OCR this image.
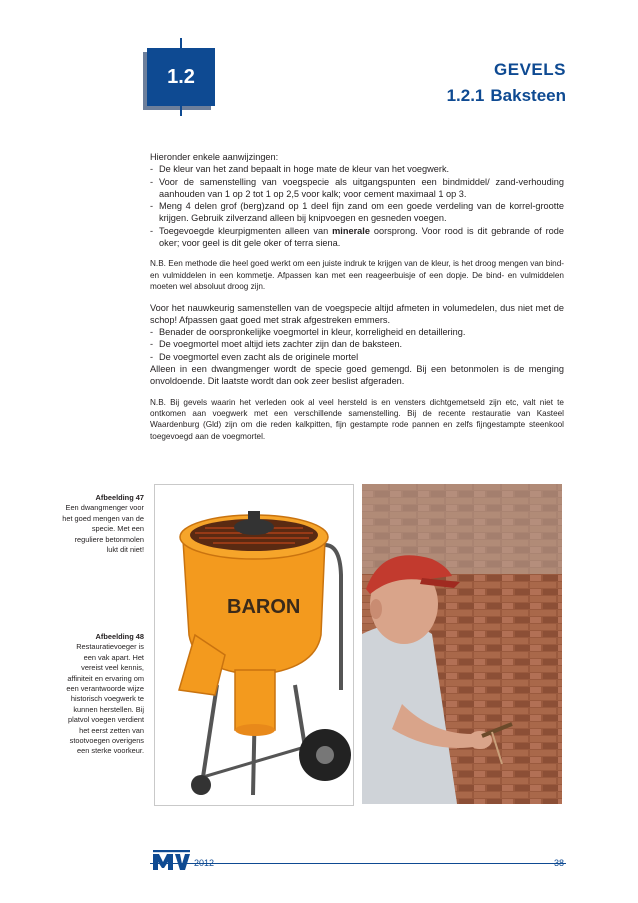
1.2	GEVELS
1.2.1 Baksteen

Hieronder enkele aanwijzingen:

- De kleur van het zand bepaalt in hoge mate de kleur van het voegwerk.
- Voor de samenstelling van voegspecie als uitgangspunten een bindmiddel/ zand-verhouding aanhouden van 1 op 2 tot 1 op 2,5 voor kalk; voor cement maximaal 1 op 3.
- Meng 4 delen grof (berg)zand op 1 deel fijn zand om een goede verdeling van de korrel-grootte krijgen. Gebruik zilverzand alleen bij knipvoegen en gesneden voegen.
- Toegevoegde kleurpigmenten alleen van minerale oorsprong. Voor rood is dit gebrande of rode oker; voor geel is dit gele oker of terra siena.

N.B. Een methode die heel goed werkt om een juiste indruk te krijgen van de kleur, is het droog mengen van bind- en vulmiddelen in een kommetje. Afpassen kan met een reageerbuisje of een dopje. De bind- en vulmiddelen moeten wel absoluut droog zijn.

Voor het nauwkeurig samenstellen van de voegspecie altijd afmeten in volumedelen, dus niet met de schop! Afpassen gaat goed met strak afgestreken emmers.

- Benader de oorspronkelijke voegmortel in kleur, korreligheid en detaillering.
- De voegmortel moet altijd iets zachter zijn dan de baksteen.
- De voegmortel even zacht als de originele mortel

Alleen in een dwangmenger wordt de specie goed gemengd. Bij een betonmolen is de menging onvoldoende. Dit laatste wordt dan ook zeer beslist afgeraden.

N.B. Bij gevels waarin het verleden ook al veel hersteld is en vensters dichtgemetseld zijn etc, valt niet te ontkomen aan voegwerk met een verschillende samenstelling. Bij de recente restauratie van Kasteel Waardenburg (Gld) zijn om die reden kalkpitten, fijn gestampte rode pannen en zelfs fijngestampte steenkool toegevoegd aan de voegmortel.

Afbeelding 47
Een dwangmenger voor het goed mengen van de specie. Met een reguliere betonmolen lukt dit niet!
Afbeelding 48
Restauratievoeger is een vak apart. Het vereist veel kennis, affiniteit en ervaring om een verantwoorde wijze historisch voegwerk te kunnen herstellen. Bij platvol voegen verdient het eerst zetten van stootvoegen overigens een sterke voorkeur.
BARON
2012	38
